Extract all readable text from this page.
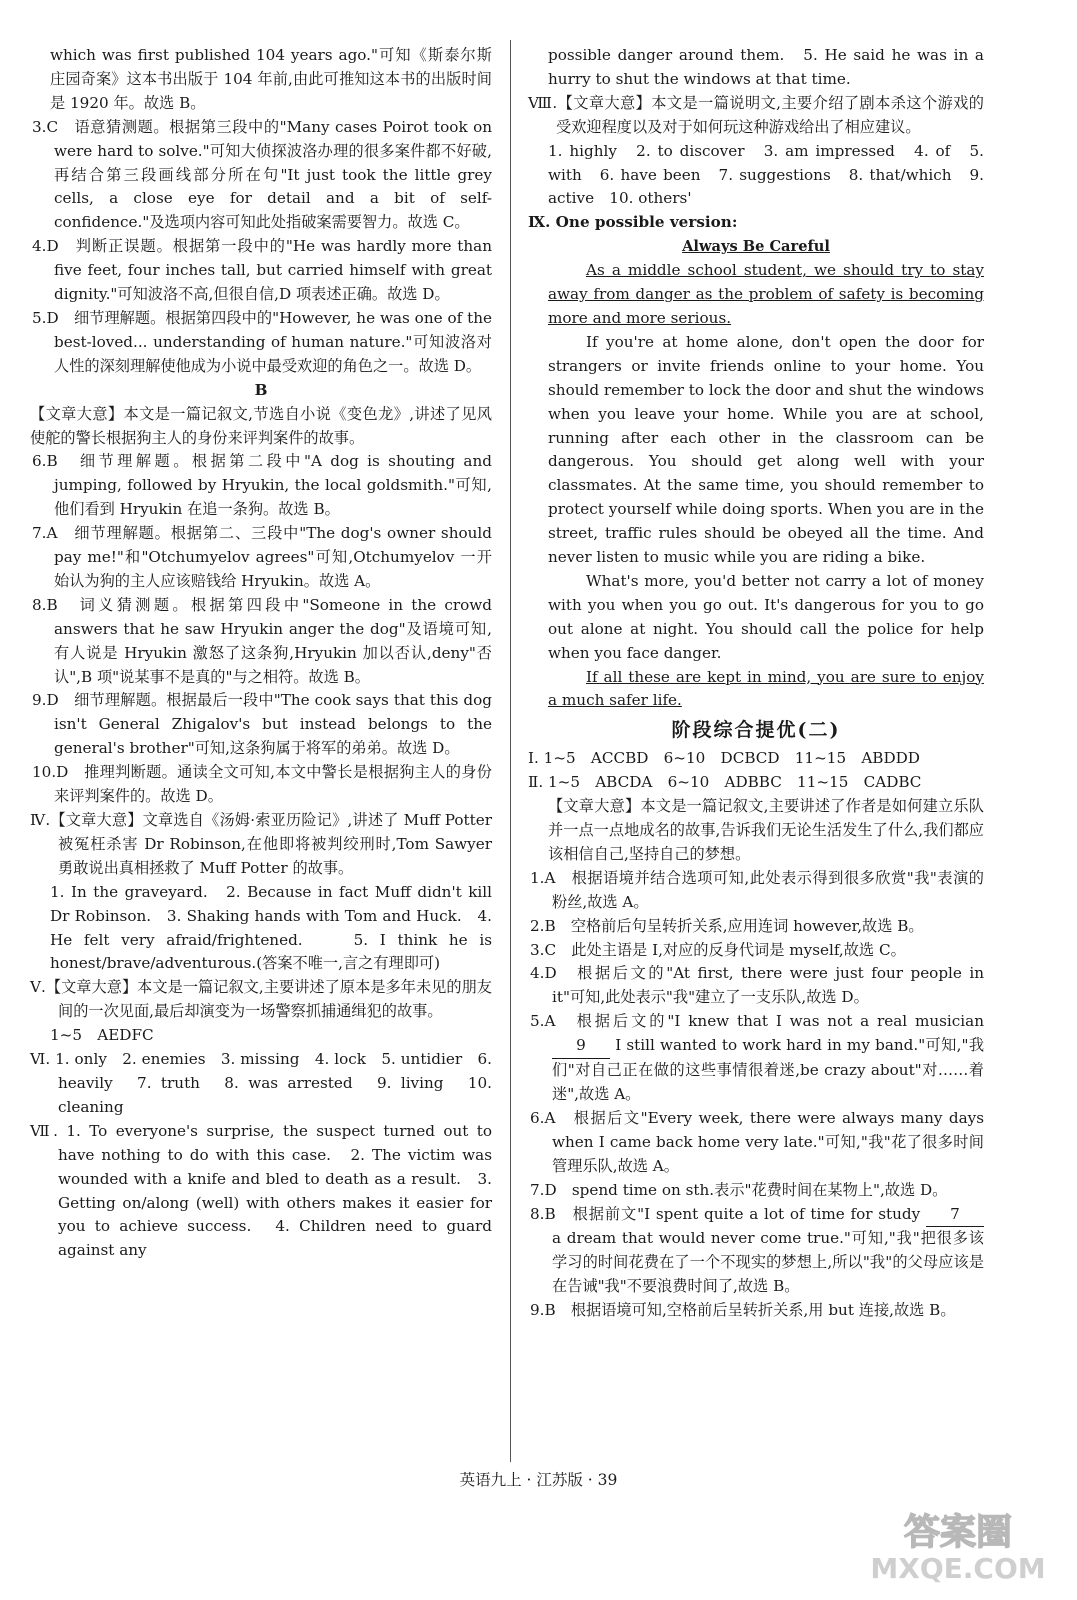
which was first published 104 years ago."可知《斯泰尔斯庄园奇案》这本书出版于 104 年前,由此可推知这本书的出版时间是 1920 年。故选 B。

3.C　语意猜测题。根据第三段中的"Many cases Poirot took on were hard to solve."可知大侦探波洛办理的很多案件都不好破,再结合第三段画线部分所在句"It just took the little grey cells, a close eye for detail and a bit of self-confidence."及选项内容可知此处指破案需要智力。故选 C。

4.D　判断正误题。根据第一段中的"He was hardly more than five feet, four inches tall, but carried himself with great dignity."可知波洛不高,但很自信,D 项表述正确。故选 D。

5.D　细节理解题。根据第四段中的"However, he was one of the best-loved... understanding of human nature."可知波洛对人性的深刻理解使他成为小说中最受欢迎的角色之一。故选 D。

B

【文章大意】本文是一篇记叙文,节选自小说《变色龙》,讲述了见风使舵的警长根据狗主人的身份来评判案件的故事。

6.B　细节理解题。根据第二段中"A dog is shouting and jumping, followed by Hryukin, the local goldsmith."可知,他们看到 Hryukin 在追一条狗。故选 B。

7.A　细节理解题。根据第二、三段中"The dog's owner should pay me!"和"Otchumyelov agrees"可知,Otchumyelov 一开始认为狗的主人应该赔钱给 Hryukin。故选 A。

8.B　词义猜测题。根据第四段中"Someone in the crowd answers that he saw Hryukin anger the dog"及语境可知,有人说是 Hryukin 激怒了这条狗,Hryukin 加以否认,deny"否认",B 项"说某事不是真的"与之相符。故选 B。

9.D　细节理解题。根据最后一段中"The cook says that this dog isn't General Zhigalov's but instead belongs to the general's brother"可知,这条狗属于将军的弟弟。故选 D。

10.D　推理判断题。通读全文可知,本文中警长是根据狗主人的身份来评判案件的。故选 D。

Ⅳ.【文章大意】文章选自《汤姆·索亚历险记》,讲述了 Muff Potter 被冤枉杀害 Dr Robinson,在他即将被判绞刑时,Tom Sawyer 勇敢说出真相拯救了 Muff Potter 的故事。

1. In the graveyard.　2. Because in fact Muff didn't kill Dr Robinson.　3. Shaking hands with Tom and Huck.　4. He felt very afraid/frightened.　　5. I think he is honest/brave/adventurous.(答案不唯一,言之有理即可)

Ⅴ.【文章大意】本文是一篇记叙文,主要讲述了原本是多年未见的朋友间的一次见面,最后却演变为一场警察抓捕通缉犯的故事。

1~5　AEDFC

Ⅵ. 1. only　2. enemies　3. missing　4. lock　5. untidier　6. heavily　7. truth　8. was arrested　9. living　10. cleaning

Ⅶ. 1. To everyone's surprise, the suspect turned out to have nothing to do with this case.　2. The victim was wounded with a knife and bled to death as a result.　3. Getting on/along (well) with others makes it easier for you to achieve success.　4. Children need to guard against any

possible danger around them.　5. He said he was in a hurry to shut the windows at that time.

Ⅷ.【文章大意】本文是一篇说明文,主要介绍了剧本杀这个游戏的受欢迎程度以及对于如何玩这种游戏给出了相应建议。

1. highly　2. to discover　3. am impressed　4. of　5. with　6. have been　7. suggestions　8. that/which　9. active　10. others'

Ⅸ. One possible version:

Always Be Careful

As a middle school student, we should try to stay away from danger as the problem of safety is becoming more and more serious.

If you're at home alone, don't open the door for strangers or invite friends online to your home. You should remember to lock the door and shut the windows when you leave your home. While you are at school, running after each other in the classroom can be dangerous. You should get along well with your classmates. At the same time, you should remember to protect yourself while doing sports. When you are in the street, traffic rules should be obeyed all the time. And never listen to music while you are riding a bike.

What's more, you'd better not carry a lot of money with you when you go out. It's dangerous for you to go out alone at night. You should call the police for help when you face danger.

If all these are kept in mind, you are sure to enjoy a much safer life.

阶段综合提优(二)

Ⅰ. 1~5　ACCBD　6~10　DCBCD　11~15　ABDDD

Ⅱ. 1~5　ABCDA　6~10　ADBBC　11~15　CADBC

【文章大意】本文是一篇记叙文,主要讲述了作者是如何建立乐队并一点一点地成名的故事,告诉我们无论生活发生了什么,我们都应该相信自己,坚持自己的梦想。

1.A　根据语境并结合选项可知,此处表示得到很多欣赏"我"表演的粉丝,故选 A。

2.B　空格前后句呈转折关系,应用连词 however,故选 B。

3.C　此处主语是 I,对应的反身代词是 myself,故选 C。

4.D　根据后文的"At first, there were just four people in it"可知,此处表示"我"建立了一支乐队,故选 D。

5.A　根据后文的"I knew that I was not a real musician 9 I still wanted to work hard in my band."可知,"我们"对自己正在做的这些事情很着迷,be crazy about"对……着迷",故选 A。

6.A　根据后文"Every week, there were always many days when I came back home very late."可知,"我"花了很多时间管理乐队,故选 A。

7.D　spend time on sth.表示"花费时间在某物上",故选 D。

8.B　根据前文"I spent quite a lot of time for study 7 a dream that would never come true."可知,"我"把很多该学习的时间花费在了一个不现实的梦想上,所以"我"的父母应该是在告诫"我"不要浪费时间了,故选 B。

9.B　根据语境可知,空格前后呈转折关系,用 but 连接,故选 B。

英语九上 · 江苏版 · 39
答案圈
MXQE.COM
